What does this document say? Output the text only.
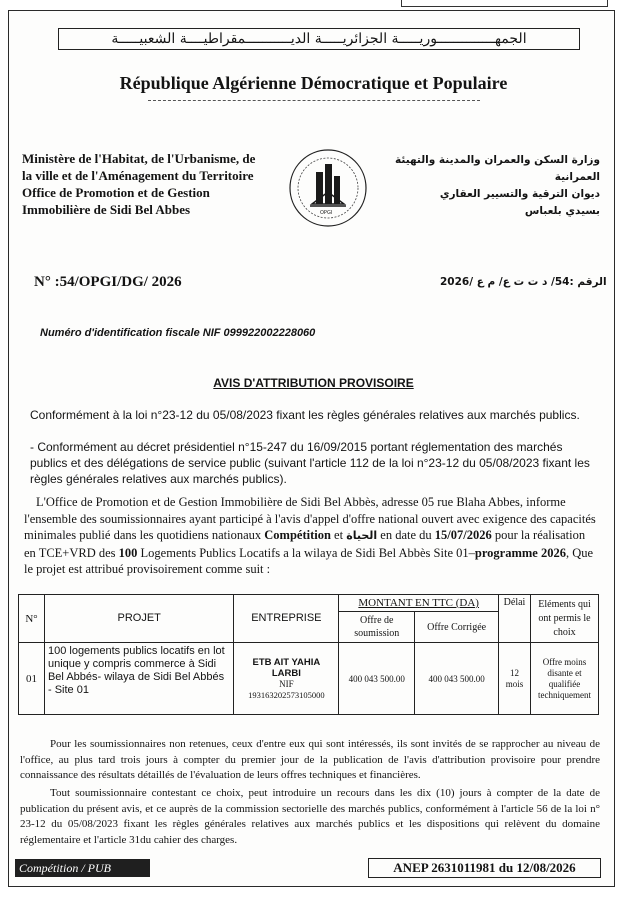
الجمهــــــــــــــوريـــــة الجزائريـــــة الديـــــــــــمقراطيــــة الشعبيـــــة
République Algérienne Démocratique et Populaire
Ministère de l'Habitat, de l'Urbanisme, de
la ville et de l'Aménagement du Territoire
Office de Promotion et de Gestion
Immobilière de Sidi Bel Abbes	OPGI
وزارة السكن والعمران والمدينة والتهيئة العمرانية
ديوان الترقية والتسيير العقاري
بسيدي بلعباس
N° :54/OPGI/DG/ 2026	الرقم :54/ د ت ت ع/ م ع /2026
Numéro d'identification fiscale NIF 099922002228060
AVIS D'ATTRIBUTION PROVISOIRE
Conformément à la loi n°23-12 du 05/08/2023 fixant les règles générales relatives aux marchés publics.
- Conformément au décret présidentiel n°15-247 du 16/09/2015 portant réglementation des marchés publics et des délégations de service public (suivant l'article 112 de la loi n°23-12 du 05/08/2023 fixant les règles générales relatives aux marchés publics).
L'Office de Promotion et de Gestion Immobilière de Sidi Bel Abbès, adresse 05 rue Blaha Abbes, informe l'ensemble des soumissionnaires ayant participé à l'avis d'appel d'offre national ouvert avec exigence des capacités minimales publié dans les quotidiens nationaux Compétition et الحياة en date du 15/07/2026 pour la réalisation en TCE+VRD des 100 Logements Publics Locatifs a la wilaya de Sidi Bel Abbès Site 01–programme 2026, Que le projet est attribué provisoirement comme suit :
N°	PROJET	ENTREPRISE	MONTANT EN TTC (DA)		Délai	Eléments qui ont permis le choix
			Offre de soumission	Offre Corrigée		
01	100 logements publics locatifs en lot unique y compris commerce à Sidi Bel Abbés- wilaya de Sidi Bel Abbés - Site 01	ETB AIT YAHIA LARBI
NIF
193163202573105000	400 043 500.00	400 043 500.00	12 mois	Offre moins disante et qualifiée techniquement
Pour les soumissionnaires non retenues, ceux d'entre eux qui sont intéressés, ils sont invités de se rapprocher au niveau de l'office, au plus tard trois jours à compter du premier jour de la publication de l'avis d'attribution provisoire pour prendre connaissance des résultats détaillés de l'évaluation de leurs offres techniques et financières.
Tout soumissionnaire contestant ce choix, peut introduire un recours dans les dix (10) jours à compter de la date de publication du présent avis, et ce auprès de la commission sectorielle des marchés publics, conformément à l'article 56 de la loi n° 23-12 du 05/08/2023 fixant les règles générales relatives aux marchés publics et les dispositions qui relèvent du domaine réglementaire et l'article 31du cahier des charges.
Compétition / PUB	ANEP 2631011981 du 12/08/2026
